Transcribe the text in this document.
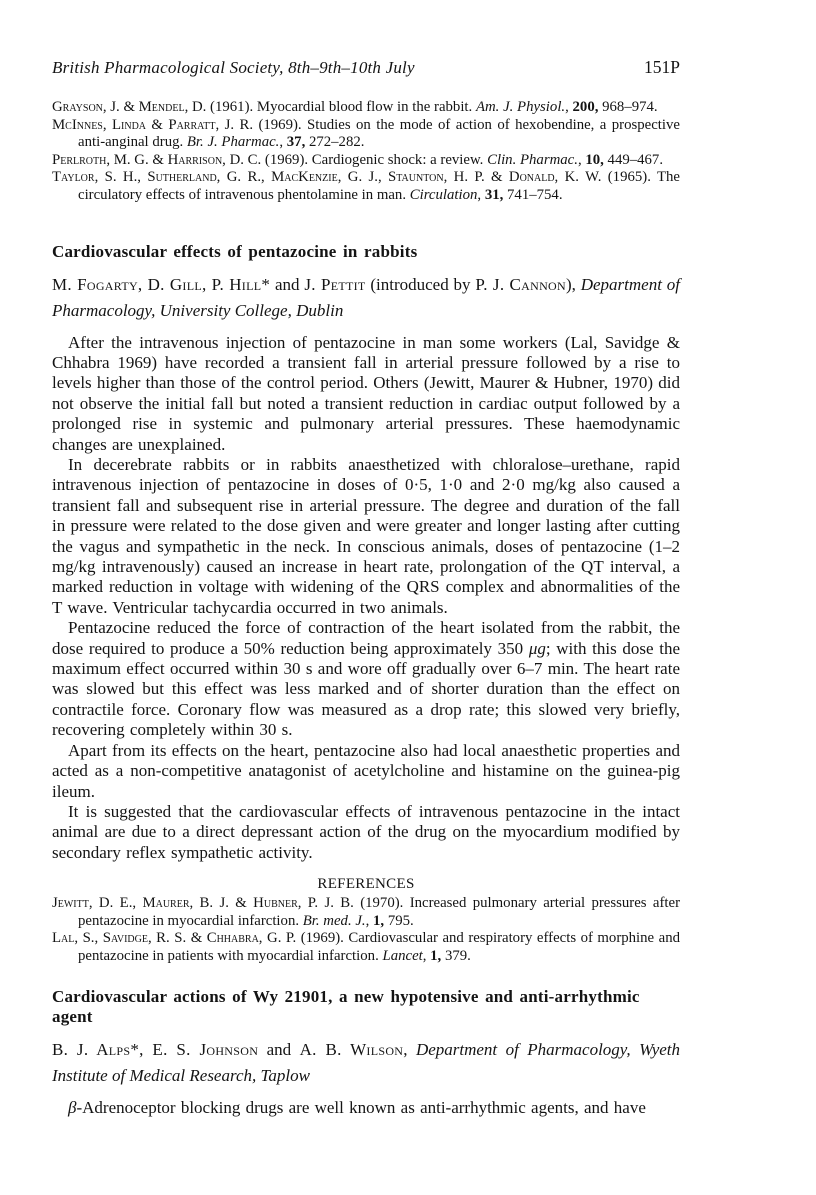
British Pharmacological Society, 8th–9th–10th July	151P

Grayson, J. & Mendel, D. (1961). Myocardial blood flow in the rabbit. Am. J. Physiol., 200, 968–974.

McInnes, Linda & Parratt, J. R. (1969). Studies on the mode of action of hexobendine, a prospective anti-anginal drug. Br. J. Pharmac., 37, 272–282.

Perlroth, M. G. & Harrison, D. C. (1969). Cardiogenic shock: a review. Clin. Pharmac., 10, 449–467.

Taylor, S. H., Sutherland, G. R., MacKenzie, G. J., Staunton, H. P. & Donald, K. W. (1965). The circulatory effects of intravenous phentolamine in man. Circulation, 31, 741–754.

Cardiovascular effects of pentazocine in rabbits

M. Fogarty, D. Gill, P. Hill* and J. Pettit (introduced by P. J. Cannon), Department of Pharmacology, University College, Dublin

After the intravenous injection of pentazocine in man some workers (Lal, Savidge & Chhabra 1969) have recorded a transient fall in arterial pressure followed by a rise to levels higher than those of the control period. Others (Jewitt, Maurer & Hubner, 1970) did not observe the initial fall but noted a transient reduction in cardiac output followed by a prolonged rise in systemic and pulmonary arterial pressures. These haemodynamic changes are unexplained.

In decerebrate rabbits or in rabbits anaesthetized with chloralose–urethane, rapid intravenous injection of pentazocine in doses of 0·5, 1·0 and 2·0 mg/kg also caused a transient fall and subsequent rise in arterial pressure. The degree and duration of the fall in pressure were related to the dose given and were greater and longer lasting after cutting the vagus and sympathetic in the neck. In conscious animals, doses of pentazocine (1–2 mg/kg intravenously) caused an increase in heart rate, prolongation of the QT interval, a marked reduction in voltage with widening of the QRS complex and abnormalities of the T wave. Ventricular tachycardia occurred in two animals.

Pentazocine reduced the force of contraction of the heart isolated from the rabbit, the dose required to produce a 50% reduction being approximately 350 μg; with this dose the maximum effect occurred within 30 s and wore off gradually over 6–7 min. The heart rate was slowed but this effect was less marked and of shorter duration than the effect on contractile force. Coronary flow was measured as a drop rate; this slowed very briefly, recovering completely within 30 s.

Apart from its effects on the heart, pentazocine also had local anaesthetic properties and acted as a non-competitive anatagonist of acetylcholine and histamine on the guinea-pig ileum.

It is suggested that the cardiovascular effects of intravenous pentazocine in the intact animal are due to a direct depressant action of the drug on the myocardium modified by secondary reflex sympathetic activity.

REFERENCES

Jewitt, D. E., Maurer, B. J. & Hubner, P. J. B. (1970). Increased pulmonary arterial pressures after pentazocine in myocardial infarction. Br. med. J., 1, 795.

Lal, S., Savidge, R. S. & Chhabra, G. P. (1969). Cardiovascular and respiratory effects of morphine and pentazocine in patients with myocardial infarction. Lancet, 1, 379.

Cardiovascular actions of Wy 21901, a new hypotensive and anti-arrhythmic agent

B. J. Alps*, E. S. Johnson and A. B. Wilson, Department of Pharmacology, Wyeth Institute of Medical Research, Taplow

β-Adrenoceptor blocking drugs are well known as anti-arrhythmic agents, and have
